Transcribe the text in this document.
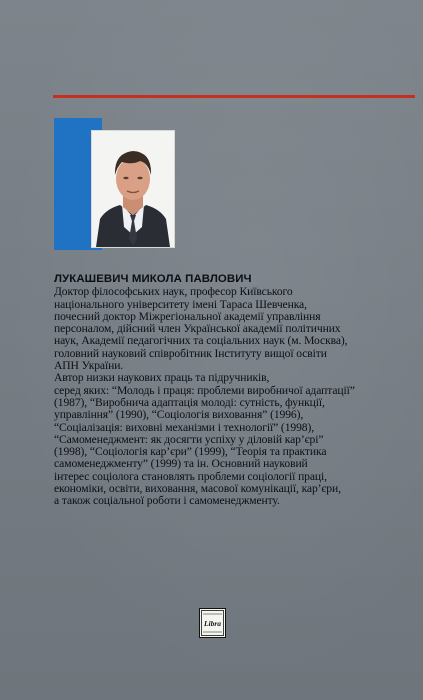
ЛУКАШЕВИЧ МИКОЛА ПАВЛОВИЧ
Доктор філософських наук, професор Київського
національного університету імені Тараса Шевченка,
почесний доктор Міжрегіональної академії управління
персоналом, дійсний член Української академії політичних
наук, Академії педагогічних та соціальних наук (м. Москва),
головний науковий співробітник Інституту вищої освіти
АПН України.
Автор низки наукових праць та підручників,
серед яких: “Молодь і праця: проблеми виробничої адаптації”
(1987), “Виробнича адаптація молоді: сутність, функції,
управління” (1990), “Соціологія виховання” (1996),
“Соціалізація: виховні механізми і технології” (1998),
“Самоменеджмент: як досягти успіху у діловій кар’єрі”
(1998), “Соціологія кар’єри” (1999), “Теорія та практика
самоменеджменту” (1999) та ін. Основний науковий
інтерес соціолога становлять проблеми соціології праці,
економіки, освіти, виховання, масової комунікації, кар’єри,
а також соціальної роботи і самоменеджменту.
Libra
